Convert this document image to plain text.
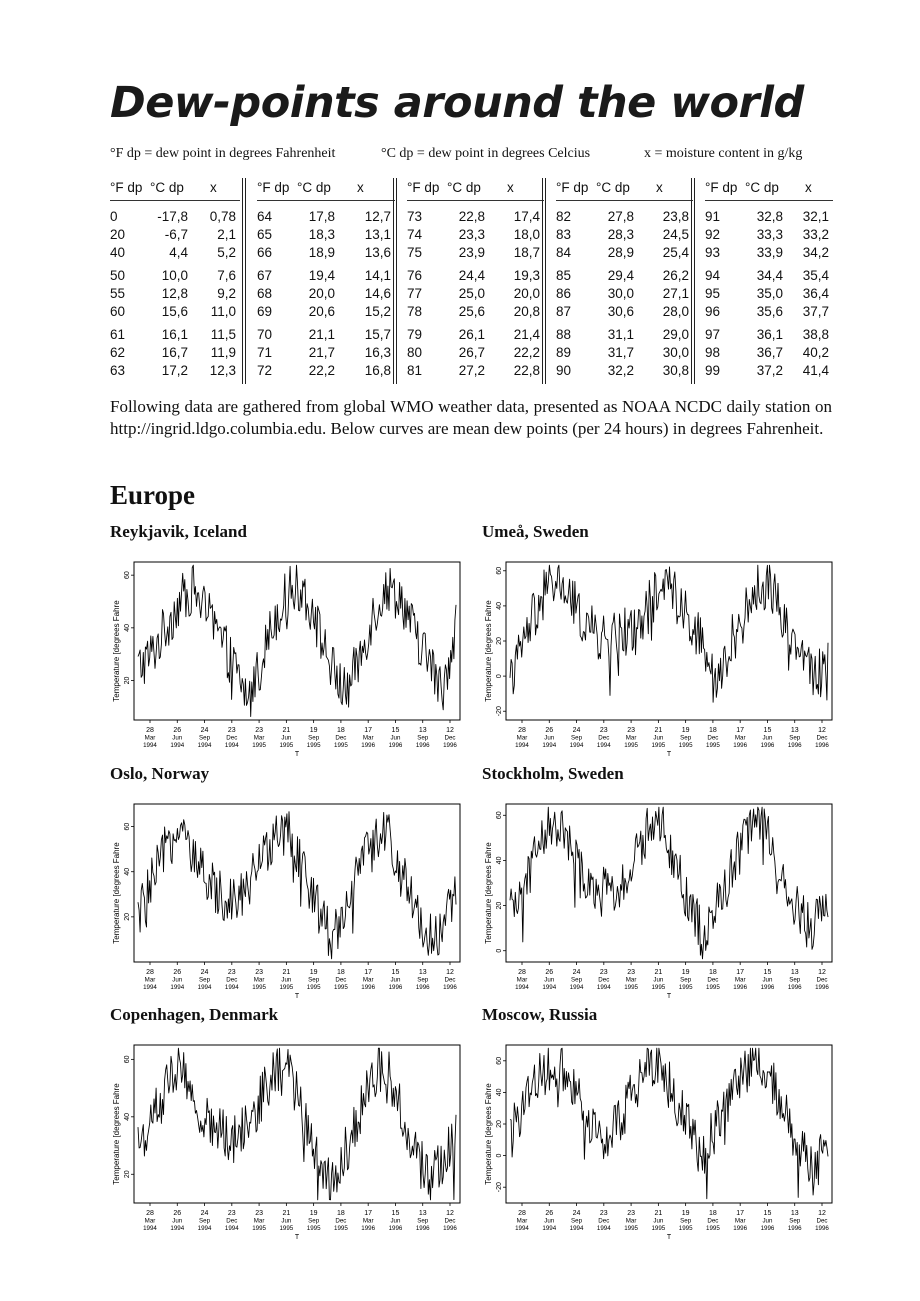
Dew-points around the world
°F dp = dew point in degrees Fahrenheit	°C dp = dew point in degrees Celcius	x = moisture content in g/kg
°F dp °C dp x
0	-17,8 0,78
20	-6,7 2,1
40	4,4 5,2
50	10,0 7,6
55	12,8 9,2
60	15,6 11,0
61	16,1 11,5
62	16,7 11,9
63	17,2 12,3
°F dp °C dp x
64	17,8 12,7
65	18,3 13,1
66	18,9 13,6
67	19,4 14,1
68	20,0 14,6
69	20,6 15,2
70	21,1 15,7
71	21,7 16,3
72	22,2 16,8
°F dp °C dp x
73	22,8 17,4
74	23,3 18,0
75	23,9 18,7
76	24,4 19,3
77	25,0 20,0
78	25,6 20,8
79	26,1 21,4
80	26,7 22,2
81	27,2 22,8
°F dp °C dp x
82	27,8 23,8
83	28,3 24,5
84	28,9 25,4
85	29,4 26,2
86	30,0 27,1
87	30,6 28,0
88	31,1 29,0
89	31,7 30,0
90	32,2 30,8
°F dp °C dp x
91	32,8 32,1
92	33,3 33,2
93	33,9 34,2
94	34,4 35,4
95	35,0 36,4
96	35,6 37,7
97	36,1 38,8
98	36,7 40,2
99	37,2 41,4

Following data are gathered from global WMO weather data, presented as NOAA NCDC daily station on http://ingrid.ldgo.columbia.edu. Below curves are mean dew points (per 24 hours) in degrees Fahrenheit.

Europe
Reykjavik, Iceland
Temperature [degrees Fahre 20
40
60
28
Mar
1994
26
Jun
1994
24
Sep
1994
23
Dec
1994
23
Mar
1995
21
Jun
1995
19
Sep
1995
18
Dec
1995
17
Mar
1996
15
Jun
1996
13
Sep
1996
12
Dec
1996
T
Umeå, Sweden
Temperature [degrees Fahre
-20
0
20
40
60
28
Mar
1994
26
Jun
1994
24
Sep
1994
23
Dec
1994
23
Mar
1995
21
Jun
1995
19
Sep
1995
18
Dec
1995
17
Mar
1996
15
Jun
1996
13
Sep
1996
12
Dec
1996
T
Oslo, Norway
Temperature [degrees Fahre 20
40
60
28
Mar
1994
26
Jun
1994
24
Sep
1994
23
Dec
1994
23
Mar
1995
21
Jun
1995
19
Sep
1995
18
Dec
1995
17
Mar
1996
15
Jun
1996
13
Sep
1996
12
Dec
1996
T
Stockholm, Sweden
Temperature [degrees Fahre
0
20
40
60
28
Mar
1994
26
Jun
1994
24
Sep
1994
23
Dec
1994
23
Mar
1995
21
Jun
1995
19
Sep
1995
18
Dec
1995
17
Mar
1996
15
Jun
1996
13
Sep
1996
12
Dec
1996
T
Copenhagen, Denmark
Temperature [degrees Fahre 20
40
60
28
Mar
1994
26
Jun
1994
24
Sep
1994
23
Dec
1994
23
Mar
1995
21
Jun
1995
19
Sep
1995
18
Dec
1995
17
Mar
1996
15
Jun
1996
13
Sep
1996
12
Dec
1996
T
Moscow, Russia
Temperature [degrees Fahre
-20
0
20
40
60
28
Mar
1994
26
Jun
1994
24
Sep
1994
23
Dec
1994
23
Mar
1995
21
Jun
1995
19
Sep
1995
18
Dec
1995
17
Mar
1996
15
Jun
1996
13
Sep
1996
12
Dec
1996
T
